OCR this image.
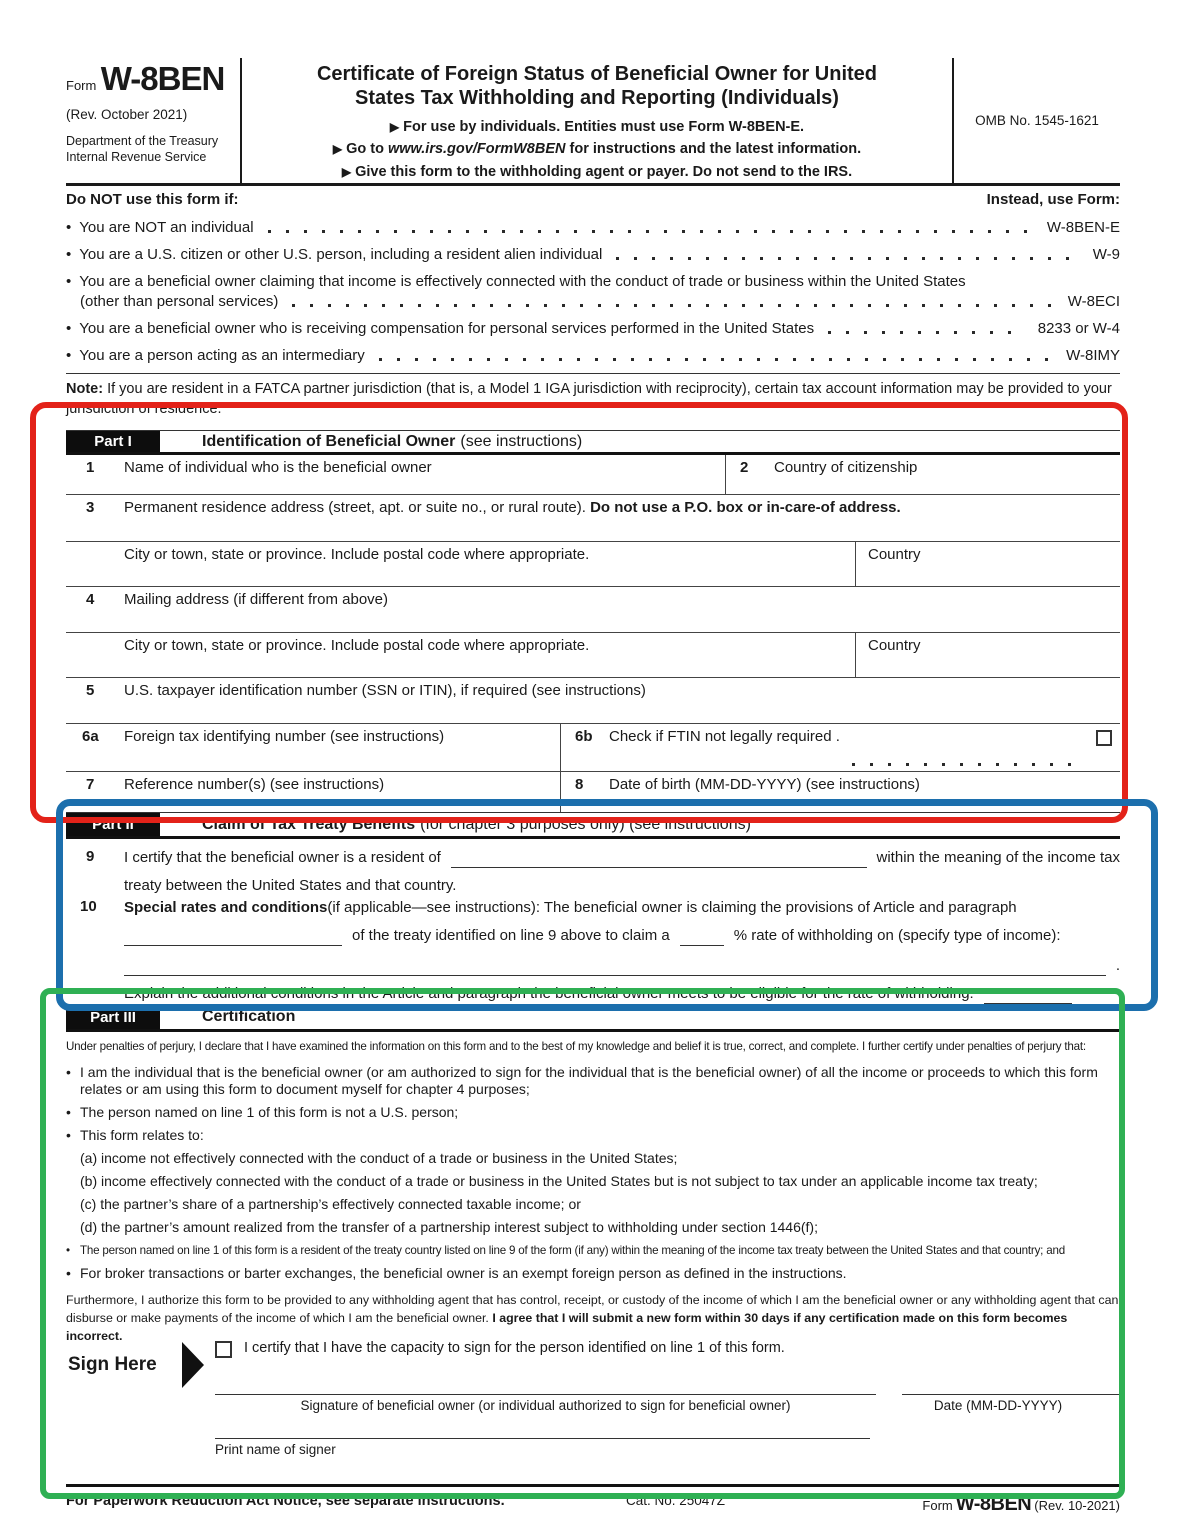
Form W-8BEN
(Rev. October 2021)
Department of the Treasury
Internal Revenue Service
Certificate of Foreign Status of Beneficial Owner for United
States Tax Withholding and Reporting (Individuals)
▶ For use by individuals. Entities must use Form W-8BEN-E.
▶ Go to www.irs.gov/FormW8BEN for instructions and the latest information.
▶ Give this form to the withholding agent or payer. Do not send to the IRS.
OMB No. 1545-1621
Do NOT use this form if:	Instead, use Form:
• You are NOT an individual	W-8BEN-E
• You are a U.S. citizen or other U.S. person, including a resident alien individual	W-9
• You are a beneficial owner claiming that income is effectively connected with the conduct of trade or business within the United States
(other than personal services)	W-8ECI
• You are a beneficial owner who is receiving compensation for personal services performed in the United States	8233 or W-4
• You are a person acting as an intermediary	W-8IMY
Note: If you are resident in a FATCA partner jurisdiction (that is, a Model 1 IGA jurisdiction with reciprocity), certain tax account information may be provided to your jurisdiction of residence.
Part I	Identification of Beneficial Owner (see instructions)
1	Name of individual who is the beneficial owner	2	Country of citizenship
3	Permanent residence address (street, apt. or suite no., or rural route). Do not use a P.O. box or in-care-of address.
City or town, state or province. Include postal code where appropriate.	Country
4	Mailing address (if different from above)
City or town, state or province. Include postal code where appropriate.	Country
5	U.S. taxpayer identification number (SSN or ITIN), if required (see instructions)
6a	Foreign tax identifying number (see instructions)	6b	Check if FTIN not legally required .
7	Reference number(s) (see instructions)	8	Date of birth (MM-DD-YYYY) (see instructions)
Part II	Claim of Tax Treaty Benefits (for chapter 3 purposes only) (see instructions)
9	I certify that the beneficial owner is a resident of	within the meaning of the income tax
treaty between the United States and that country.
10	Special rates and conditions (if applicable—see instructions): The beneficial owner is claiming the provisions of Article and paragraph
of the treaty identified on line 9 above to claim a	% rate of withholding on (specify type of income):
.
Explain the additional conditions in the Article and paragraph the beneficial owner meets to be eligible for the rate of withholding:
Part III	Certification
Under penalties of perjury, I declare that I have examined the information on this form and to the best of my knowledge and belief it is true, correct, and complete. I further certify under penalties of perjury that:
• I am the individual that is the beneficial owner (or am authorized to sign for the individual that is the beneficial owner) of all the income or proceeds to which this form relates or am using this form to document myself for chapter 4 purposes;
• The person named on line 1 of this form is not a U.S. person;
• This form relates to:
(a) income not effectively connected with the conduct of a trade or business in the United States;
(b) income effectively connected with the conduct of a trade or business in the United States but is not subject to tax under an applicable income tax treaty;
(c) the partner’s share of a partnership’s effectively connected taxable income; or
(d) the partner’s amount realized from the transfer of a partnership interest subject to withholding under section 1446(f);
• The person named on line 1 of this form is a resident of the treaty country listed on line 9 of the form (if any) within the meaning of the income tax treaty between the United States and that country; and
• For broker transactions or barter exchanges, the beneficial owner is an exempt foreign person as defined in the instructions.
Furthermore, I authorize this form to be provided to any withholding agent that has control, receipt, or custody of the income of which I am the beneficial owner or any withholding agent that can disburse or make payments of the income of which I am the beneficial owner. I agree that I will submit a new form within 30 days if any certification made on this form becomes incorrect.
Sign Here
I certify that I have the capacity to sign for the person identified on line 1 of this form.
Signature of beneficial owner (or individual authorized to sign for beneficial owner)	Date (MM-DD-YYYY)
Print name of signer
For Paperwork Reduction Act Notice, see separate instructions.	Cat. No. 25047Z	Form W-8BEN (Rev. 10-2021)
